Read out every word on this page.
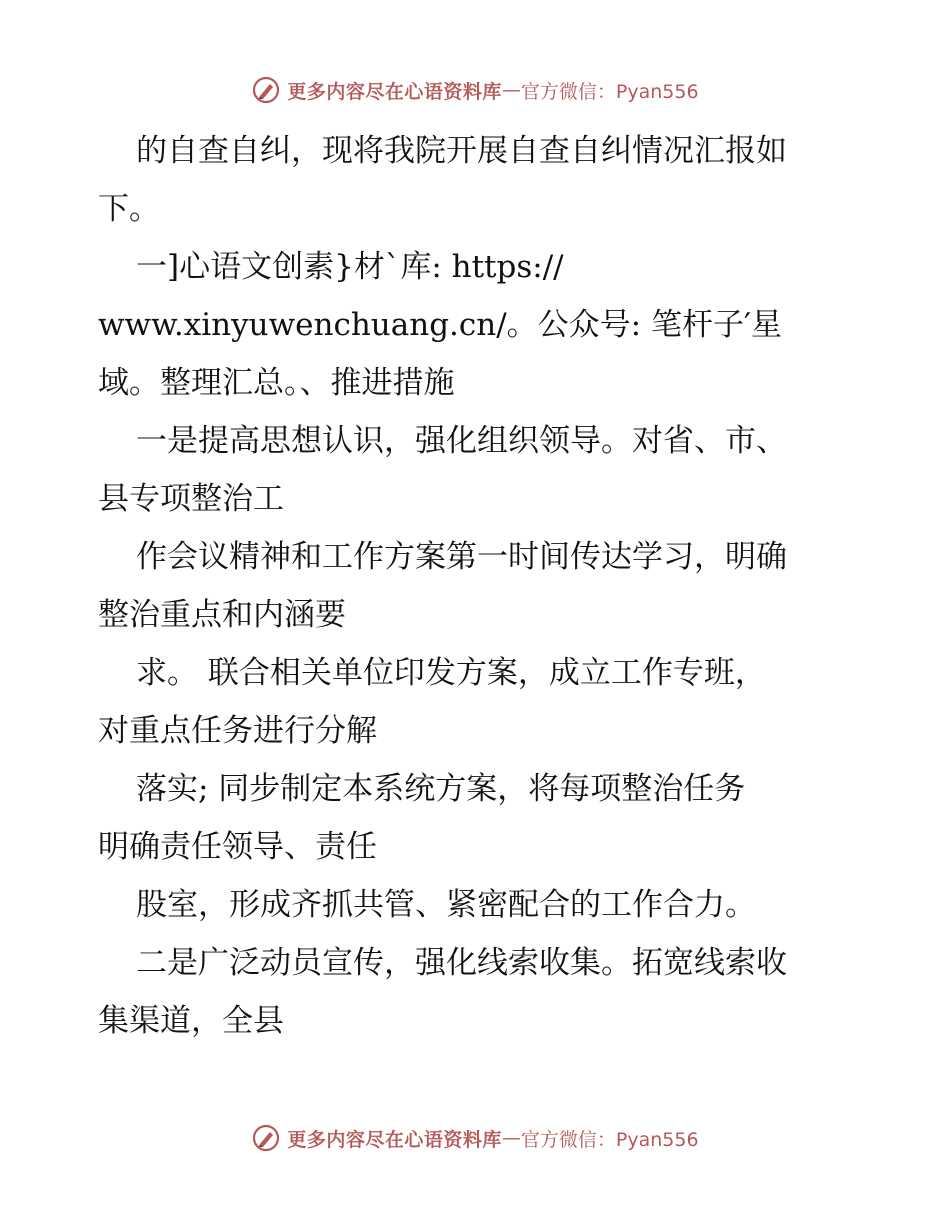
更多内容尽在心语资料库 — 官方微信：Pyan556
的自查自纠，现将我院开展自查自纠情况汇报如
下。
一]心语文创素}材`库: https://
www.xinyuwenchuang.cn/。公众号: 笔杆子′星
域。整理汇总。、推进措施
一是提高思想认识，强化组织领导。对省、市、
县专项整治工
作会议精神和工作方案第一时间传达学习，明确
整治重点和内涵要
求。 联合相关单位印发方案，成立工作专班，
对重点任务进行分解
落实; 同步制定本系统方案，将每项整治任务
明确责任领导、责任
股室，形成齐抓共管、紧密配合的工作合力。
二是广泛动员宣传，强化线索收集。拓宽线索收
集渠道，全县
更多内容尽在心语资料库 — 官方微信：Pyan556
